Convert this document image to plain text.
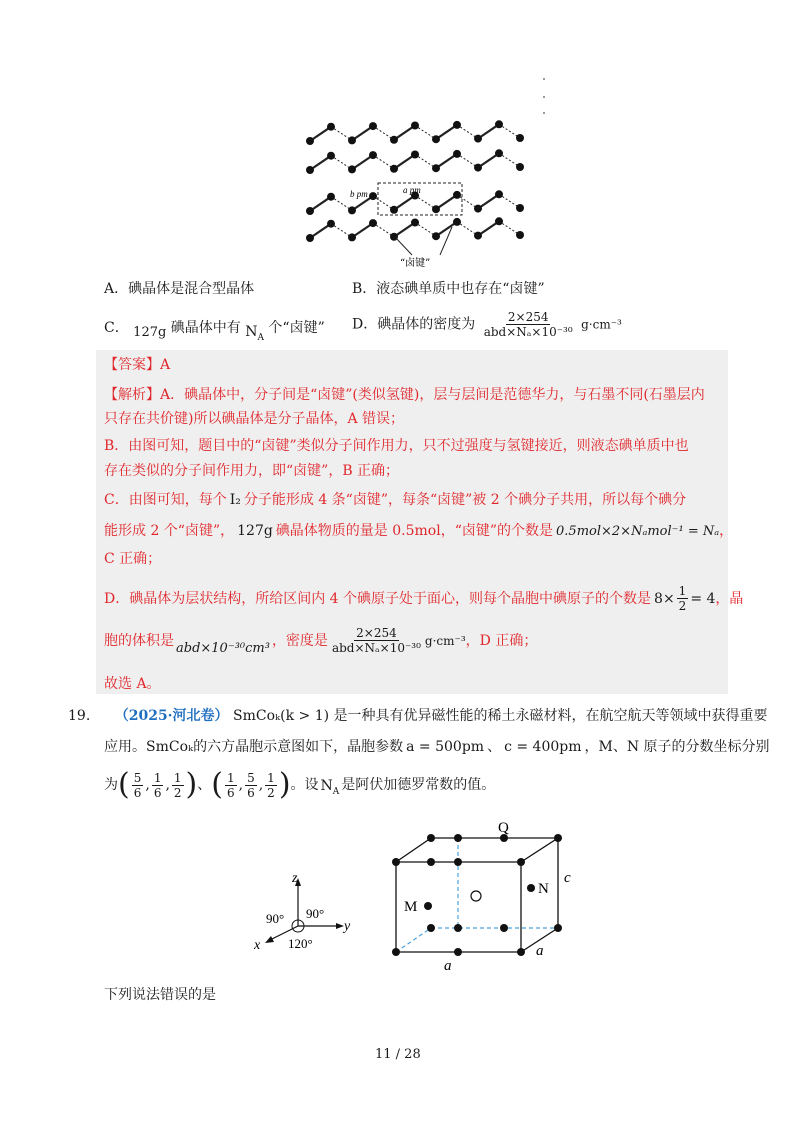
a pm
b pm
“卤键”
A．碘晶体是混合型晶体	B．液态碘单质中也存在“卤键”
C． 127g 碘晶体中有 $N_A$ 个“卤键” D．碘晶体的密度为 $\frac{2\times 254}{\text{abd×Nₐ×10⁻³⁰}} g\cdot cm^{-3}$
【答案】A
【解析】A．碘晶体中，分子间是“卤键”(类似氢键)，层与层间是范德华力，与石墨不同(石墨层内
只存在共价键)所以碘晶体是分子晶体，A 错误；
B．由图可知，题目中的“卤键”类似分子间作用力，只不过强度与氢键接近，则液态碘单质中也
存在类似的分子间作用力，即“卤键”，B 正确；
C．由图可知，每个 I₂ 分子能形成 4 条“卤键”，每条“卤键”被 2 个碘分子共用，所以每个碘分
能形成 2 个“卤键”， 127g 碘晶体物质的量是 0.5mol，“卤键”的个数是 0.5mol×2×Nₐmol⁻¹ = Nₐ，
C 正确；
D．碘晶体为层状结构，所给区间内 4 个碘原子处于面心，则每个晶胞中碘原子的个数是 $8\times \frac{1}{2} = 4$ ，晶
胞的体积是 abd×10⁻³⁰cm³ ，密度是 $\frac{2\times 254}{\text{abd×Nₐ×10⁻³⁰}} g\cdot cm^{-3}$ ，D 正确；
故选 A。
19. （2025·河北卷） SmCoₖ(k > 1) 是一种具有优异磁性能的稀土永磁材料，在航空航天等领域中获得重要
应用。SmCoₖ的六方晶胞示意图如下，晶胞参数 a = 500pm 、 c = 400pm ，M、N 原子的分数坐标分别
为 ( $\frac{5}{6}$ , $\frac{1}{6}$ , $\frac{1}{2}$ ) 、 ( $\frac{1}{6}$ , $\frac{5}{6}$ , $\frac{1}{2}$ ) 。设 $N_A$ 是阿伏加德罗常数的值。
z
y
x
90° 90°
120°
Q
c
M
N
a
a
下列说法错误的是
11 / 28
